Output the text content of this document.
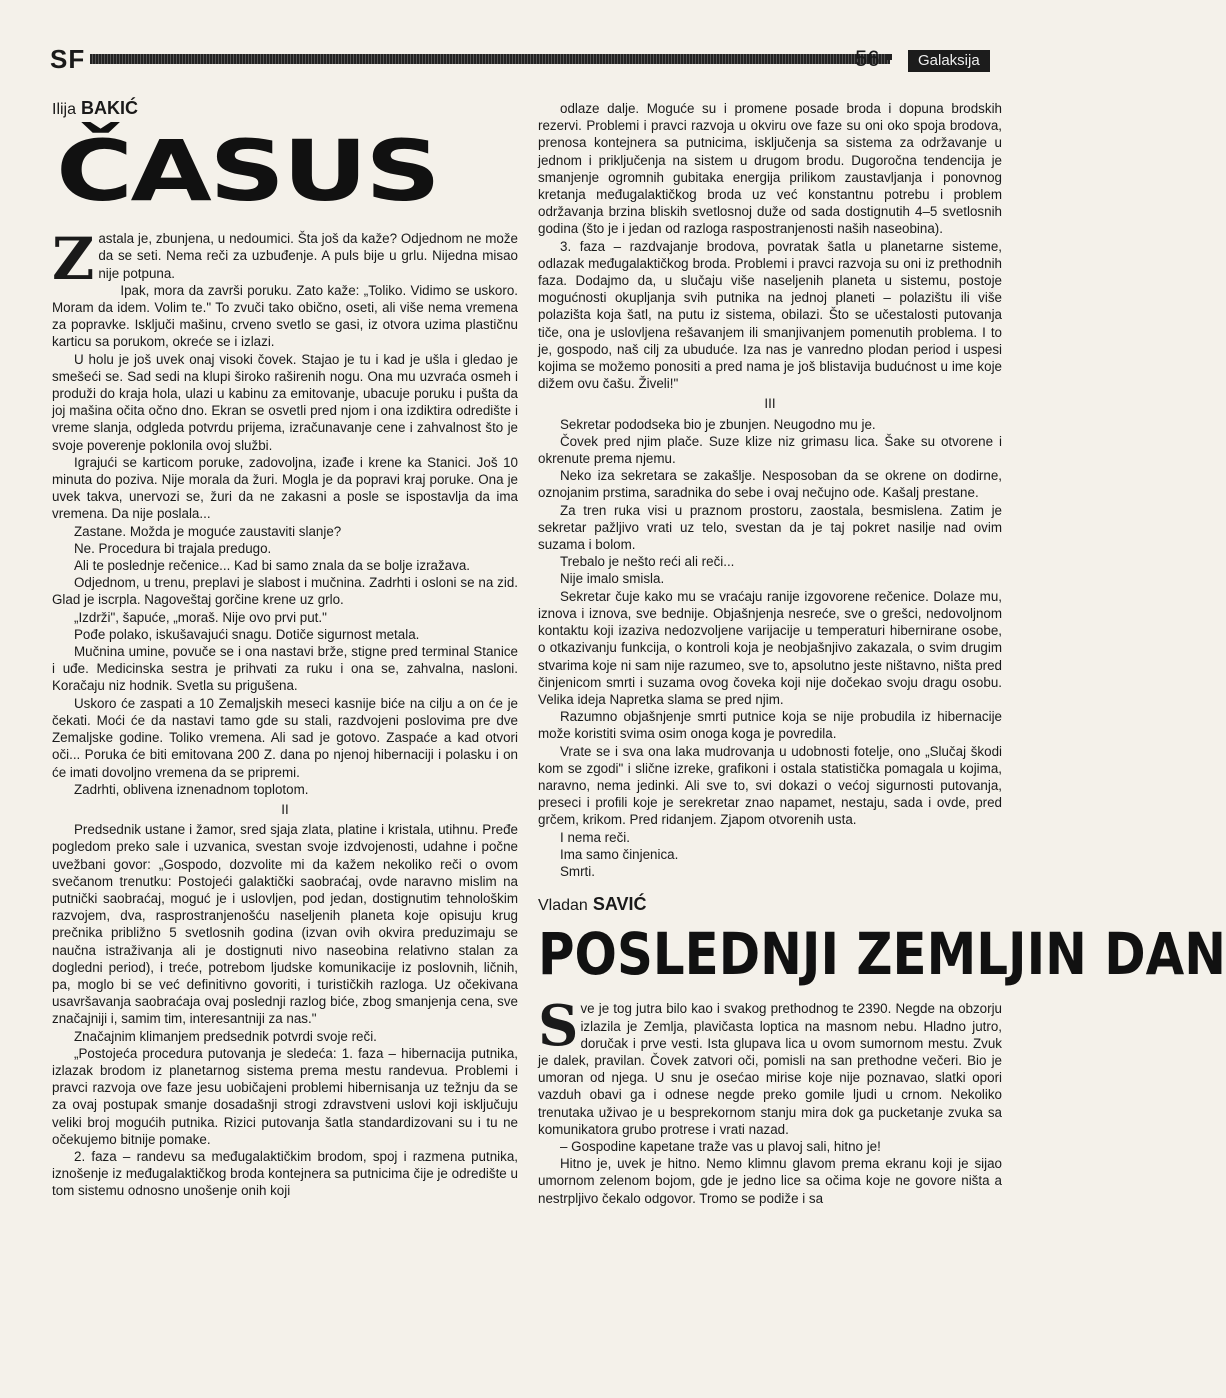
SF	56	Galaksija
Ilija BAKIĆ
ČASUS

Zastala je, zbunjena, u nedoumici. Šta još da kaže? Odjednom ne može da se seti. Nema reči za uzbuđenje. A puls bije u grlu. Nijedna misao nije potpuna.

Ipak, mora da završi poruku. Zato kaže: „Toliko. Vidimo se uskoro. Moram da idem. Volim te." To zvuči tako obično, oseti, ali više nema vremena za popravke. Isključi mašinu, crveno svetlo se gasi, iz otvora uzima plastičnu karticu sa porukom, okreće se i izlazi.

U holu je još uvek onaj visoki čovek. Stajao je tu i kad je ušla i gledao je smešeći se. Sad sedi na klupi široko raširenih nogu. Ona mu uzvraća osmeh i produži do kraja hola, ulazi u kabinu za emitovanje, ubacuje poruku i pušta da joj mašina očita očno dno. Ekran se osvetli pred njom i ona izdiktira odredište i vreme slanja, odgleda potvrdu prijema, izračunavanje cene i zahvalnost što je svoje poverenje poklonila ovoj službi.

Igrajući se karticom poruke, zadovoljna, izađe i krene ka Stanici. Još 10 minuta do poziva. Nije morala da žuri. Mogla je da popravi kraj poruke. Ona je uvek takva, unervozi se, žuri da ne zakasni a posle se ispostavlja da ima vremena. Da nije poslala...

Zastane. Možda je moguće zaustaviti slanje?

Ne. Procedura bi trajala predugo.

Ali te poslednje rečenice... Kad bi samo znala da se bolje izražava.

Odjednom, u trenu, preplavi je slabost i mučnina. Zadrhti i osloni se na zid. Glad je iscrpla. Nagoveštaj gorčine krene uz grlo.

„Izdrži", šapuće, „moraš. Nije ovo prvi put."

Pođe polako, iskušavajući snagu. Dotiče sigurnost metala.

Mučnina umine, povuče se i ona nastavi brže, stigne pred terminal Stanice i uđe. Medicinska sestra je prihvati za ruku i ona se, zahvalna, nasloni. Koračaju niz hodnik. Svetla su prigušena.

Uskoro će zaspati a 10 Zemaljskih meseci kasnije biće na cilju a on će je čekati. Moći će da nastavi tamo gde su stali, razdvojeni poslovima pre dve Zemaljske godine. Toliko vremena. Ali sad je gotovo. Zaspaće a kad otvori oči... Poruka će biti emitovana 200 Z. dana po njenoj hibernaciji i polasku i on će imati dovoljno vremena da se pripremi.

Zadrhti, oblivena iznenadnom toplotom.

II

Predsednik ustane i žamor, sred sjaja zlata, platine i kristala, utihnu. Pređe pogledom preko sale i uzvanica, svestan svoje izdvojenosti, udahne i počne uvežbani govor: „Gospodo, dozvolite mi da kažem nekoliko reči o ovom svečanom trenutku: Postojeći galaktički saobraćaj, ovde naravno mislim na putnički saobraćaj, moguć je i uslovljen, pod jedan, dostignutim tehnološkim razvojem, dva, rasprostranjenošću naseljenih planeta koje opisuju krug prečnika približno 5 svetlosnih godina (izvan ovih okvira preduzimaju se naučna istraživanja ali je dostignuti nivo naseobina relativno stalan za dogledni period), i treće, potrebom ljudske komunikacije iz poslovnih, ličnih, pa, moglo bi se već definitivno govoriti, i turističkih razloga. Uz očekivana usavršavanja saobraćaja ovaj poslednji razlog biće, zbog smanjenja cena, sve značajniji i, samim tim, interesantniji za nas."

Značajnim klimanjem predsednik potvrdi svoje reči.

„Postojeća procedura putovanja je sledeća: 1. faza – hibernacija putnika, izlazak brodom iz planetarnog sistema prema mestu randevua. Problemi i pravci razvoja ove faze jesu uobičajeni problemi hibernisanja uz težnju da se za ovaj postupak smanje dosadašnji strogi zdravstveni uslovi koji isključuju veliki broj mogućih putnika. Rizici putovanja šatla standardizovani su i tu ne očekujemo bitnije pomake.

2. faza – randevu sa međugalaktičkim brodom, spoj i razmena putnika, iznošenje iz međugalaktičkog broda kontejnera sa putnicima čije je odredište u tom sistemu odnosno unošenje onih koji

odlaze dalje. Moguće su i promene posade broda i dopuna brodskih rezervi. Problemi i pravci razvoja u okviru ove faze su oni oko spoja brodova, prenosa kontejnera sa putnicima, isključenja sa sistema za održavanje u jednom i priključenja na sistem u drugom brodu. Dugoročna tendencija je smanjenje ogromnih gubitaka energija prilikom zaustavljanja i ponovnog kretanja međugalaktičkog broda uz već konstantnu potrebu i problem održavanja brzina bliskih svetlosnoj duže od sada dostignutih 4–5 svetlosnih godina (što je i jedan od razloga raspostranjenosti naših naseobina).

3. faza – razdvajanje brodova, povratak šatla u planetarne sisteme, odlazak međugalaktičkog broda. Problemi i pravci razvoja su oni iz prethodnih faza. Dodajmo da, u slučaju više naseljenih planeta u sistemu, postoje mogućnosti okupljanja svih putnika na jednoj planeti – polazištu ili više polazišta koja šatl, na putu iz sistema, obilazi. Što se učestalosti putovanja tiče, ona je uslovljena rešavanjem ili smanjivanjem pomenutih problema. I to je, gospodo, naš cilj za ubuduće. Iza nas je vanredno plodan period i uspesi kojima se možemo ponositi a pred nama je još blistavija budućnost u ime koje dižem ovu čašu. Živeli!"

III

Sekretar pododseka bio je zbunjen. Neugodno mu je.

Čovek pred njim plače. Suze klize niz grimasu lica. Šake su otvorene i okrenute prema njemu.

Neko iza sekretara se zakašlje. Nesposoban da se okrene on dodirne, oznojanim prstima, saradnika do sebe i ovaj nečujno ode. Kašalj prestane.

Za tren ruka visi u praznom prostoru, zaostala, besmislena. Zatim je sekretar pažljivo vrati uz telo, svestan da je taj pokret nasilje nad ovim suzama i bolom.

Trebalo je nešto reći ali reči...

Nije imalo smisla.

Sekretar čuje kako mu se vraćaju ranije izgovorene rečenice. Dolaze mu, iznova i iznova, sve bednije. Objašnjenja nesreće, sve o grešci, nedovoljnom kontaktu koji izaziva nedozvoljene varijacije u temperaturi hibernirane osobe, o otkazivanju funkcija, o kontroli koja je neobjašnjivo zakazala, o svim drugim stvarima koje ni sam nije razumeo, sve to, apsolutno jeste ništavno, ništa pred činjenicom smrti i suzama ovog čoveka koji nije dočekao svoju dragu osobu. Velika ideja Napretka slama se pred njim.

Razumno objašnjenje smrti putnice koja se nije probudila iz hibernacije može koristiti svima osim onoga koga je povredila.

Vrate se i sva ona laka mudrovanja u udobnosti fotelje, ono „Slučaj škodi kom se zgodi" i slične izreke, grafikoni i ostala statistička pomagala u kojima, naravno, nema jedinki. Ali sve to, svi dokazi o većoj sigurnosti putovanja, preseci i profili koje je serekretar znao napamet, nestaju, sada i ovde, pred grčem, krikom. Pred ridanjem. Zjapom otvorenih usta.

I nema reči.

Ima samo činjenica.

Smrti.

Vladan SAVIĆ
POSLEDNJI ZEMLJIN DAN

Sve je tog jutra bilo kao i svakog prethodnog te 2390. Negde na obzorju izlazila je Zemlja, plavičasta loptica na masnom nebu. Hladno jutro, doručak i prve vesti. Ista glupava lica u ovom sumornom mestu. Zvuk je dalek, pravilan. Čovek zatvori oči, pomisli na san prethodne večeri. Bio je umoran od njega. U snu je osećao mirise koje nije poznavao, slatki opori vazduh obavi ga i odnese negde preko gomile ljudi u crnom. Nekoliko trenutaka uživao je u besprekornom stanju mira dok ga pucketanje zvuka sa komunikatora grubo protrese i vrati nazad.

– Gospodine kapetane traže vas u plavoj sali, hitno je!

Hitno je, uvek je hitno. Nemo klimnu glavom prema ekranu koji je sijao umornom zelenom bojom, gde je jedno lice sa očima koje ne govore ništa a nestrpljivo čekalo odgovor. Tromo se podiže i sa
